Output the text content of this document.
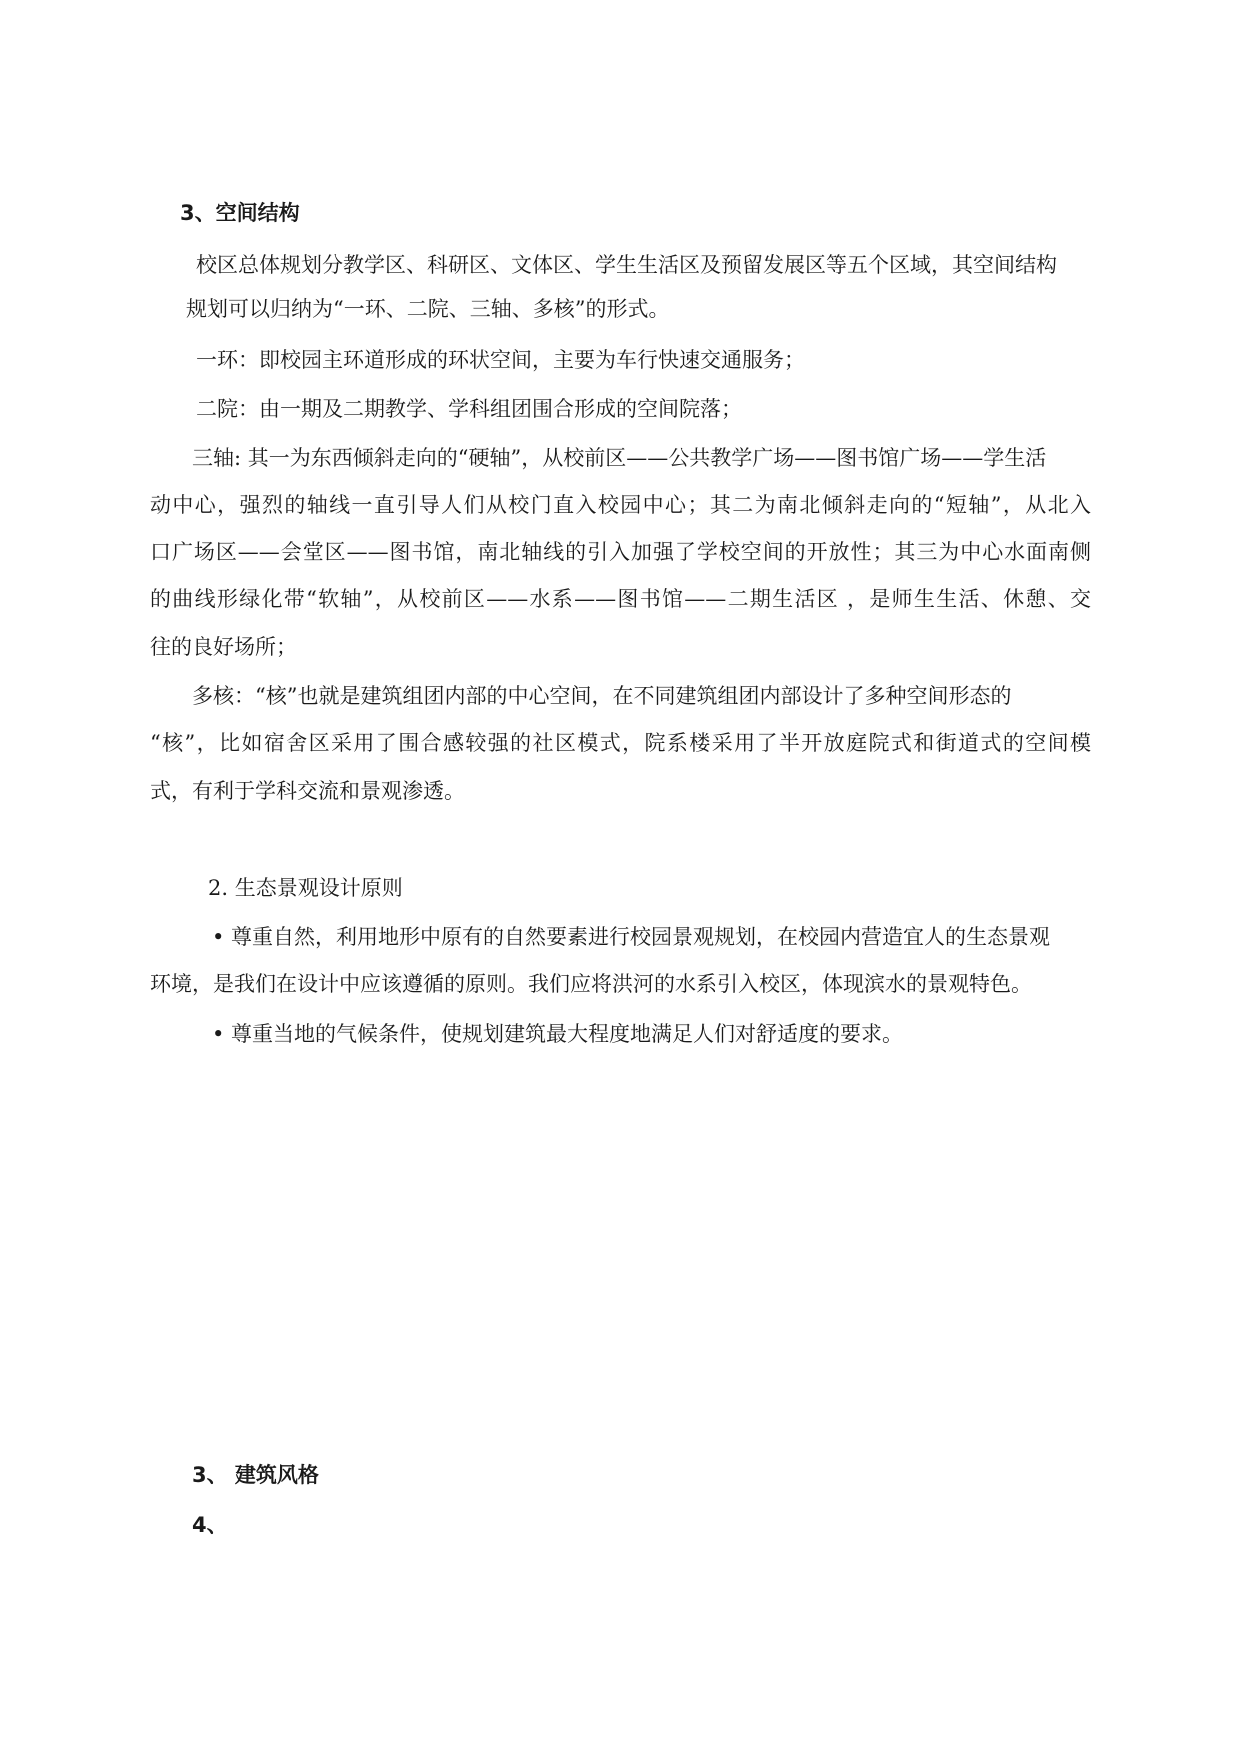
3、空间结构
校区总体规划分教学区、科研区、文体区、学生生活区及预留发展区等五个区域，其空间结构
规划可以归纳为“一环、二院、三轴、多核”的形式。
一环：即校园主环道形成的环状空间，主要为车行快速交通服务；
二院：由一期及二期教学、学科组团围合形成的空间院落；
三轴: 其一为东西倾斜走向的“硬轴”，从校前区——公共教学广场——图书馆广场——学生活
动中心，强烈的轴线一直引导人们从校门直入校园中心；其二为南北倾斜走向的“短轴”，从北入
口广场区——会堂区——图书馆，南北轴线的引入加强了学校空间的开放性；其三为中心水面南侧
的曲线形绿化带“软轴”，从校前区——水系——图书馆——二期生活区 ，是师生生活、休憩、交
往的良好场所；
多核：“核”也就是建筑组团内部的中心空间，在不同建筑组团内部设计了多种空间形态的
“核”，比如宿舍区采用了围合感较强的社区模式，院系楼采用了半开放庭院式和街道式的空间模
式，有利于学科交流和景观渗透。
2. 生态景观设计原则
• 尊重自然，利用地形中原有的自然要素进行校园景观规划，在校园内营造宜人的生态景观
环境，是我们在设计中应该遵循的原则。我们应将洪河的水系引入校区，体现滨水的景观特色。
• 尊重当地的气候条件，使规划建筑最大程度地满足人们对舒适度的要求。
3、 建筑风格
4、
